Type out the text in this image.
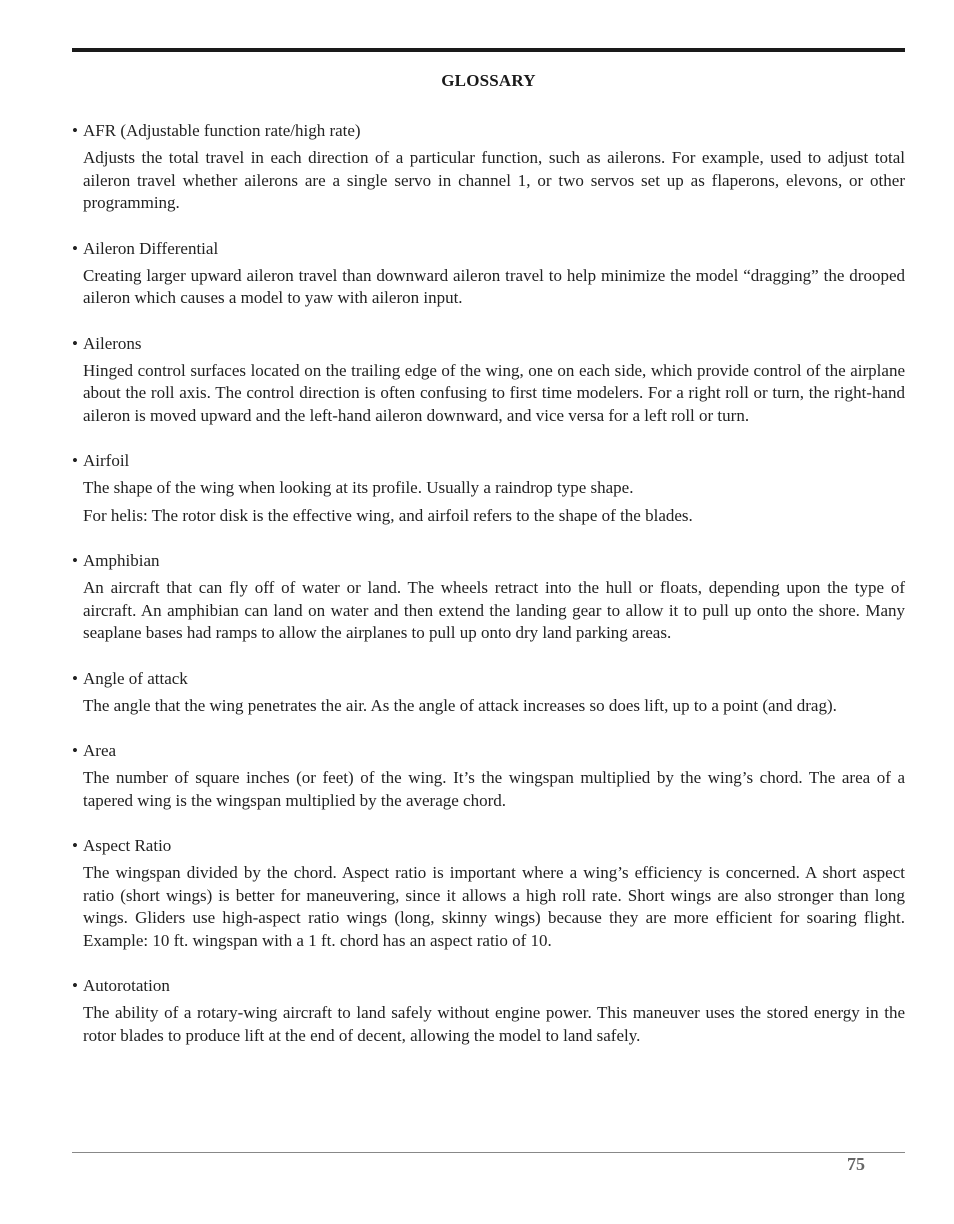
GLOSSARY
• AFR (Adjustable function rate/high rate)

Adjusts the total travel in each direction of a particular function, such as ailerons. For example, used to adjust total aileron travel whether ailerons are a single servo in channel 1, or two servos set up as flaperons, elevons, or other programming.

• Aileron Differential

Creating larger upward aileron travel than downward aileron travel to help minimize the model “dragging” the drooped aileron which causes a model to yaw with aileron input.

• Ailerons

Hinged control surfaces located on the trailing edge of the wing, one on each side, which provide control of the airplane about the roll axis. The control direction is often confusing to first time modelers. For a right roll or turn, the right-hand aileron is moved upward and the left-hand aileron downward, and vice versa for a left roll or turn.

• Airfoil

The shape of the wing when looking at its profile. Usually a raindrop type shape.

For helis: The rotor disk is the effective wing, and airfoil refers to the shape of the blades.

• Amphibian

An aircraft that can fly off of water or land. The wheels retract into the hull or floats, depending upon the type of aircraft. An amphibian can land on water and then extend the landing gear to allow it to pull up onto the shore. Many seaplane bases had ramps to allow the airplanes to pull up onto dry land parking areas.

• Angle of attack

The angle that the wing penetrates the air. As the angle of attack increases so does lift, up to a point (and drag).

• Area

The number of square inches (or feet) of the wing. It’s the wingspan multiplied by the wing’s chord. The area of a tapered wing is the wingspan multiplied by the average chord.

• Aspect Ratio

The wingspan divided by the chord. Aspect ratio is important where a wing’s efficiency is concerned. A short aspect ratio (short wings) is better for maneuvering, since it allows a high roll rate. Short wings are also stronger than long wings. Gliders use high-aspect ratio wings (long, skinny wings) because they are more efficient for soaring flight. Example: 10 ft. wingspan with a 1 ft. chord has an aspect ratio of 10.

• Autorotation

The ability of a rotary-wing aircraft to land safely without engine power. This maneuver uses the stored energy in the rotor blades to produce lift at the end of decent, allowing the model to land safely.

75
